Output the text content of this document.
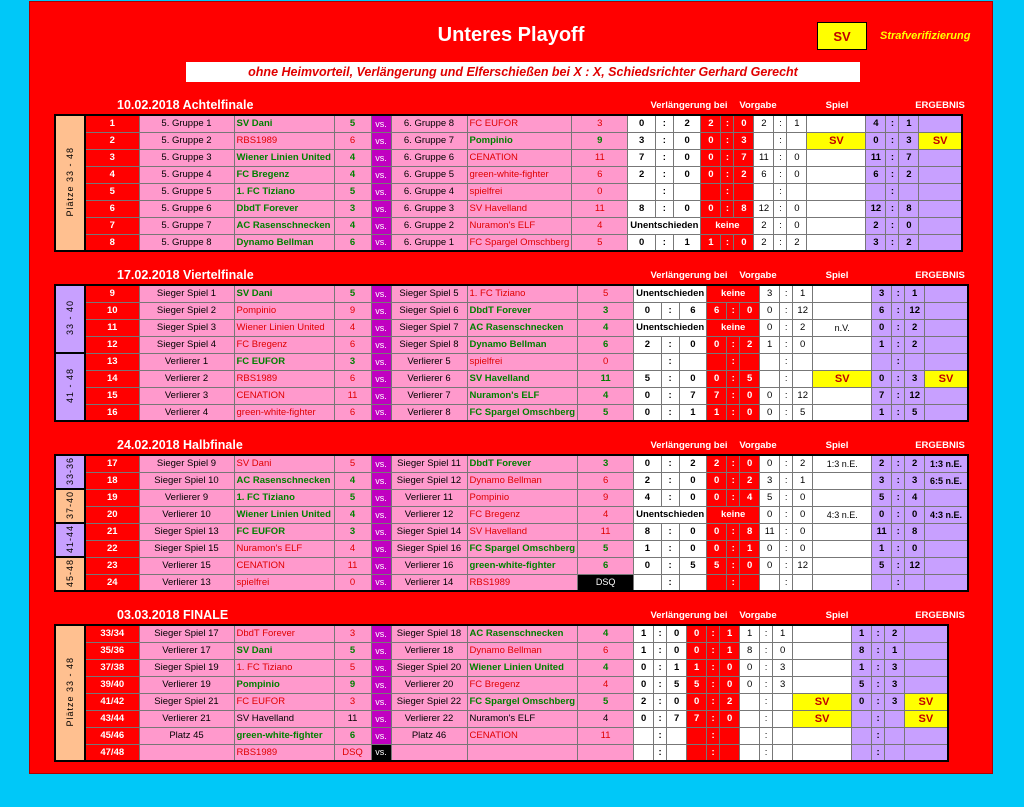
Unteres Playoff	SV	Strafverifizierung
ohne Heimvorteil, Verlängerung und Elferschießen bei X : X, Schiedsrichter Gerhard Gerecht
10.02.2018 Achtelfinale	Verlängerung bei	Vorgabe	Spiel	ERGEBNIS
Plätze 33 - 48	1	5. Gruppe 1	SV Dani	5	vs.	6. Gruppe 8	FC EUFOR	3	0	:	2	2	:	0	2	:	1		4	:	1	
	2	5. Gruppe 2	RBS1989	6	vs.	6. Gruppe 7	Pompinio	9	3	:	0	0	:	3		:		SV	0	:	3	SV
	3	5. Gruppe 3	Wiener Linien United	4	vs.	6. Gruppe 6	CENATION	11	7	:	0	0	:	7	11	:	0		11	:	7	
	4	5. Gruppe 4	FC Bregenz	4	vs.	6. Gruppe 5	green-white-fighter	6	2	:	0	0	:	2	6	:	0		6	:	2	
	5	5. Gruppe 5	1. FC Tiziano	5	vs.	6. Gruppe 4	spielfrei	0		:			:			:				:		
	6	5. Gruppe 6	DbdT Forever	3	vs.	6. Gruppe 3	SV Havelland	11	8	:	0	0	:	8	12	:	0		12	:	8	
	7	5. Gruppe 7	AC Rasenschnecken	4	vs.	6. Gruppe 2	Nuramon's ELF	4	Unentschieden			keine			2	:	0		2	:	0	
	8	5. Gruppe 8	Dynamo Bellman	6	vs.	6. Gruppe 1	FC Spargel Omschberg	5	0	:	1	1	:	0	2	:	2		3	:	2	
17.02.2018 Viertelfinale	Verlängerung bei	Vorgabe	Spiel	ERGEBNIS
33 - 40	9	Sieger Spiel 1	SV Dani	5	vs.	Sieger Spiel 5	1. FC Tiziano	5	Unentschieden			keine			3	:	1		3	:	1	
	10	Sieger Spiel 2	Pompinio	9	vs.	Sieger Spiel 6	DbdT Forever	3	0	:	6	6	:	0	0	:	12		6	:	12	
	11	Sieger Spiel 3	Wiener Linien United	4	vs.	Sieger Spiel 7	AC Rasenschnecken	4	Unentschieden			keine			0	:	2	n.V.	0	:	2	
	12	Sieger Spiel 4	FC Bregenz	6	vs.	Sieger Spiel 8	Dynamo Bellman	6	2	:	0	0	:	2	1	:	0		1	:	2	
41 - 48	13	Verlierer 1	FC EUFOR	3	vs.	Verlierer 5	spielfrei	0		:			:			:				:		
	14	Verlierer 2	RBS1989	6	vs.	Verlierer 6	SV Havelland	11	5	:	0	0	:	5		:		SV	0	:	3	SV
	15	Verlierer 3	CENATION	11	vs.	Verlierer 7	Nuramon's ELF	4	0	:	7	7	:	0	0	:	12		7	:	12	
	16	Verlierer 4	green-white-fighter	6	vs.	Verlierer 8	FC Spargel Omschberg	5	0	:	1	1	:	0	0	:	5		1	:	5	
24.02.2018 Halbfinale	Verlängerung bei	Vorgabe	Spiel	ERGEBNIS
33-36	17	Sieger Spiel 9	SV Dani	5	vs.	Sieger Spiel 11	DbdT Forever	3	0	:	2	2	:	0	0	:	2	1:3 n.E.	2	:	2	1:3 n.E.
	18	Sieger Spiel 10	AC Rasenschnecken	4	vs.	Sieger Spiel 12	Dynamo Bellman	6	2	:	0	0	:	2	3	:	1		3	:	3	6:5 n.E.
37-40	19	Verlierer 9	1. FC Tiziano	5	vs.	Verlierer 11	Pompinio	9	4	:	0	0	:	4	5	:	0		5	:	4	
	20	Verlierer 10	Wiener Linien United	4	vs.	Verlierer 12	FC Bregenz	4	Unentschieden			keine			0	:	0	4:3 n.E.	0	:	0	4:3 n.E.
41-44	21	Sieger Spiel 13	FC EUFOR	3	vs.	Sieger Spiel 14	SV Havelland	11	8	:	0	0	:	8	11	:	0		11	:	8	
	22	Sieger Spiel 15	Nuramon's ELF	4	vs.	Sieger Spiel 16	FC Spargel Omschberg	5	1	:	0	0	:	1	0	:	0		1	:	0	
45-48	23	Verlierer 15	CENATION	11	vs.	Verlierer 16	green-white-fighter	6	0	:	5	5	:	0	0	:	12		5	:	12	
	24	Verlierer 13	spielfrei	0	vs.	Verlierer 14	RBS1989	DSQ		:			:			:				:		
03.03.2018 FINALE	Verlängerung bei	Vorgabe	Spiel	ERGEBNIS
Plätze 33 - 48	33/34	Sieger Spiel 17	DbdT Forever	3	vs.	Sieger Spiel 18	AC Rasenschnecken	4	1	:	0	0	:	1	1	:	1		1	:	2	
	35/36	Verlierer 17	SV Dani	5	vs.	Verlierer 18	Dynamo Bellman	6	1	:	0	0	:	1	8	:	0		8	:	1	
	37/38	Sieger Spiel 19	1. FC Tiziano	5	vs.	Sieger Spiel 20	Wiener Linien United	4	0	:	1	1	:	0	0	:	3		1	:	3	
	39/40	Verlierer 19	Pompinio	9	vs.	Verlierer 20	FC Bregenz	4	0	:	5	5	:	0	0	:	3		5	:	3	
	41/42	Sieger Spiel 21	FC EUFOR	3	vs.	Sieger Spiel 22	FC Spargel Omschberg	5	2	:	0	0	:	2		:		SV	0	:	3	SV
	43/44	Verlierer 21	SV Havelland	11	vs.	Verlierer 22	Nuramon's ELF	4	0	:	7	7	:	0		:		SV		:		SV
	45/46	Platz 45	green-white-fighter	6	vs.	Platz 46	CENATION	11		:			:			:				:		
	47/48		RBS1989	DSQ	vs.					:			:			:				:		
